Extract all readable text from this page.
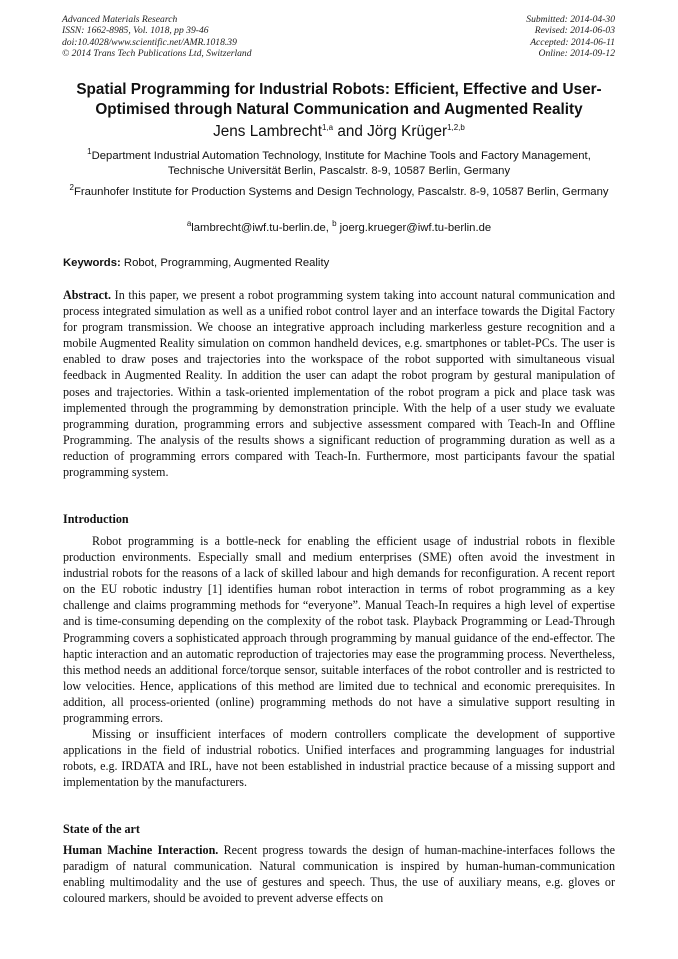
Advanced Materials Research
ISSN: 1662-8985, Vol. 1018, pp 39-46
doi:10.4028/www.scientific.net/AMR.1018.39
© 2014 Trans Tech Publications Ltd, Switzerland
Submitted: 2014-04-30
Revised: 2014-06-03
Accepted: 2014-06-11
Online: 2014-09-12
Spatial Programming for Industrial Robots: Efficient, Effective and User-Optimised through Natural Communication and Augmented Reality
Jens Lambrecht$^{1,a}$ and Jörg Krüger$^{1,2,b}$
$^1$Department Industrial Automation Technology, Institute for Machine Tools and Factory Management, Technische Universität Berlin, Pascalstr. 8-9, 10587 Berlin, Germany
$^2$Fraunhofer Institute for Production Systems and Design Technology, Pascalstr. 8-9, 10587 Berlin, Germany
$^a$lambrecht@iwf.tu-berlin.de, $^b$ joerg.krueger@iwf.tu-berlin.de
Keywords: Robot, Programming, Augmented Reality
Abstract. In this paper, we present a robot programming system taking into account natural communication and process integrated simulation as well as a unified robot control layer and an interface towards the Digital Factory for program transmission. We choose an integrative approach including markerless gesture recognition and a mobile Augmented Reality simulation on common handheld devices, e.g. smartphones or tablet-PCs. The user is enabled to draw poses and trajectories into the workspace of the robot supported with simultaneous visual feedback in Augmented Reality. In addition the user can adapt the robot program by gestural manipulation of poses and trajectories. Within a task-oriented implementation of the robot program a pick and place task was implemented through the programming by demonstration principle. With the help of a user study we evaluate programming duration, programming errors and subjective assessment compared with Teach-In and Offline Programming. The analysis of the results shows a significant reduction of programming duration as well as a reduction of programming errors compared with Teach-In. Furthermore, most participants favour the spatial programming system.
Introduction

Robot programming is a bottle-neck for enabling the efficient usage of industrial robots in flexible production environments. Especially small and medium enterprises (SME) often avoid the investment in industrial robots for the reasons of a lack of skilled labour and high demands for reconfiguration. A recent report on the EU robotic industry [1] identifies human robot interaction in terms of robot programming as a key challenge and claims programming methods for “everyone”. Manual Teach-In requires a high level of expertise and is time-consuming depending on the complexity of the robot task. Playback Programming or Lead-Through Programming covers a sophisticated approach through programming by manual guidance of the end-effector. The haptic interaction and an automatic reproduction of trajectories may ease the programming process. Nevertheless, this method needs an additional force/torque sensor, suitable interfaces of the robot controller and is restricted to low velocities. Hence, applications of this method are limited due to technical and economic prerequisites. In addition, all process-oriented (online) programming methods do not have a simulative support resulting in programming errors.

Missing or insufficient interfaces of modern controllers complicate the development of supportive applications in the field of industrial robotics. Unified interfaces and programming languages for industrial robots, e.g. IRDATA and IRL, have not been established in industrial practice because of a missing support and implementation by the manufacturers.

State of the art

Human Machine Interaction. Recent progress towards the design of human-machine-interfaces follows the paradigm of natural communication. Natural communication is inspired by human-human-communication enabling multimodality and the use of gestures and speech. Thus, the use of auxiliary means, e.g. gloves or coloured markers, should be avoided to prevent adverse effects on
